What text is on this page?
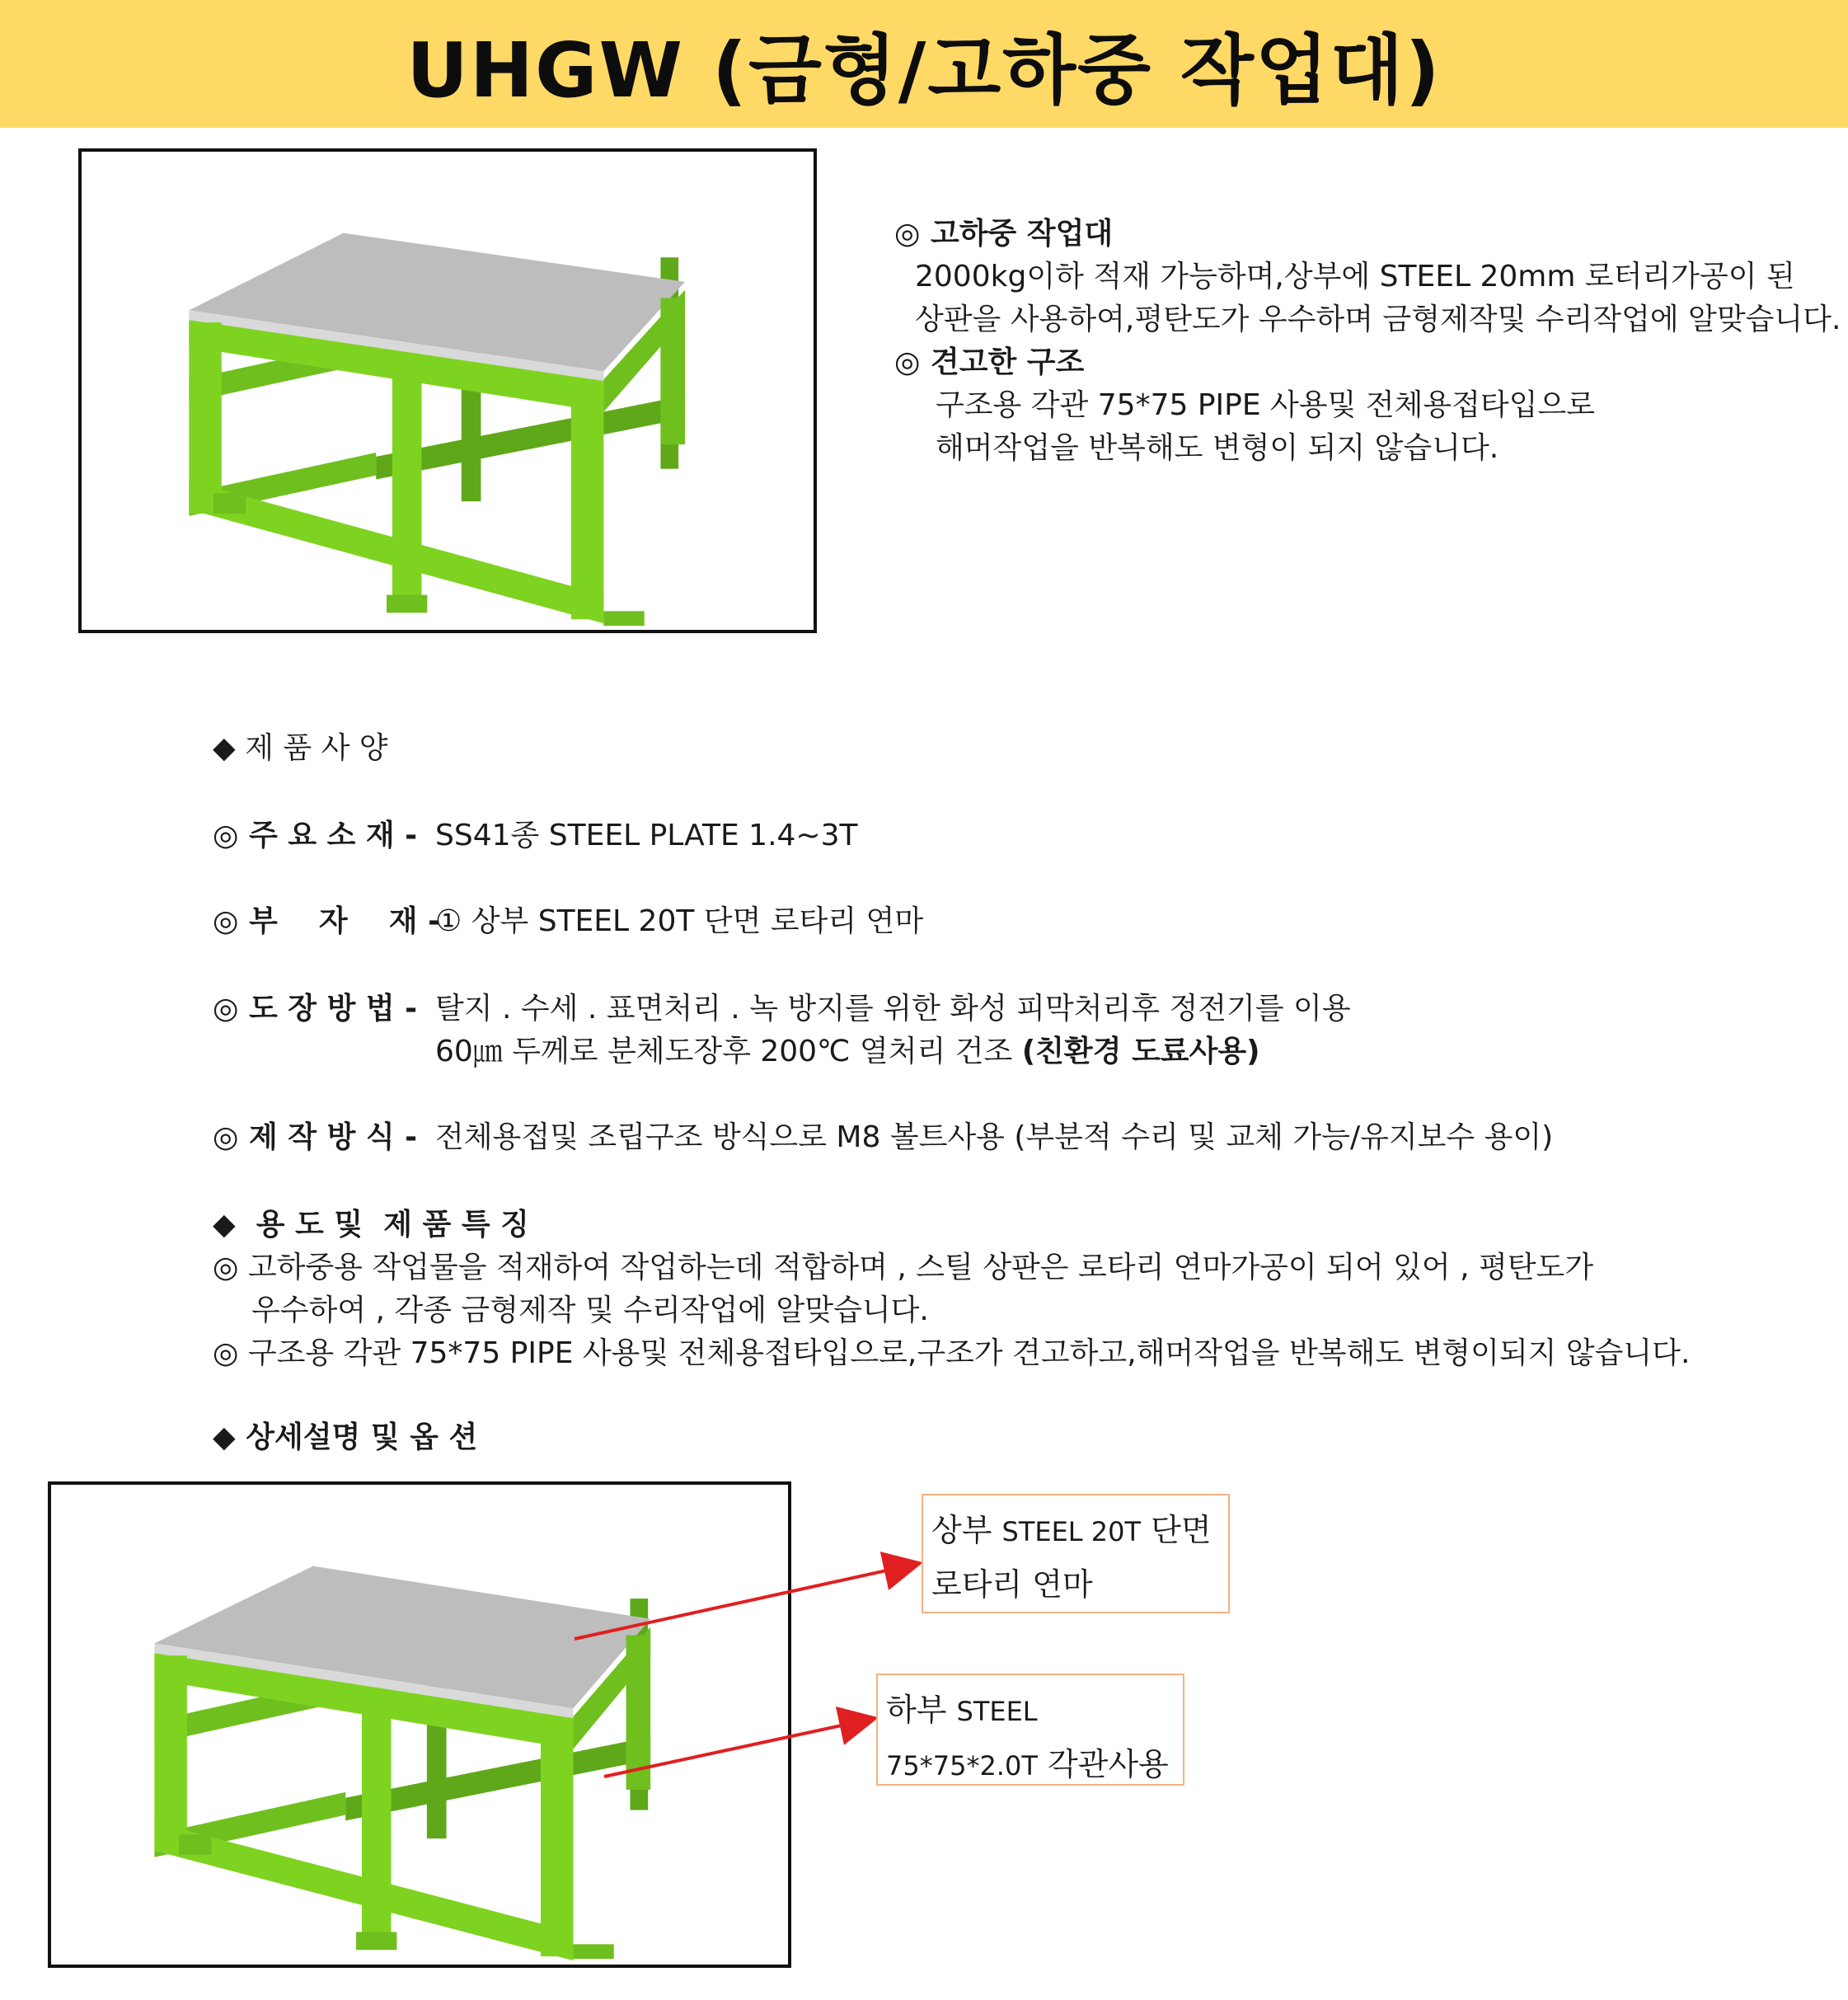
UHGW (금형/고하중 작업대)
◎ 고하중 작업대
2000kg이하 적재 가능하며,상부에 STEEL 20mm 로터리가공이 된
상판을 사용하여,평탄도가 우수하며 금형제작및 수리작업에 알맞습니다.
◎ 견고한 구조
구조용 각관 75*75 PIPE 사용및 전체용접타입으로
해머작업을 반복해도 변형이 되지 않습니다.
◆ 제 품 사 양
◎ 주 요 소 재 - SS41종 STEEL PLATE 1.4~3T
◎ 부    자    재 -
① 상부 STEEL 20T 단면 로타리 연마
◎ 도 장 방 법 - 탈지 . 수세 . 표면처리 . 녹 방지를 위한 화성 피막처리후 정전기를 이용
60㎛ 두께로 분체도장후 200℃ 열처리 건조 (친환경 도료사용)
◎ 제 작 방 식 - 전체용접및 조립구조 방식으로 M8 볼트사용 (부분적 수리 및 교체 가능/유지보수 용이)
◆  용 도 및  제 품 특 징
◎ 고하중용 작업물을 적재하여 작업하는데 적합하며 , 스틸 상판은 로타리 연마가공이 되어 있어 , 평탄도가
우수하여 , 각종 금형제작 및 수리작업에 알맞습니다.
◎ 구조용 각관 75*75 PIPE 사용및 전체용접타입으로,구조가 견고하고,해머작업을 반복해도 변형이되지 않습니다.
◆ 상세설명 및 옵 션
상부 STEEL 20T 단면
로타리 연마
하부 STEEL
75*75*2.0T 각관사용
